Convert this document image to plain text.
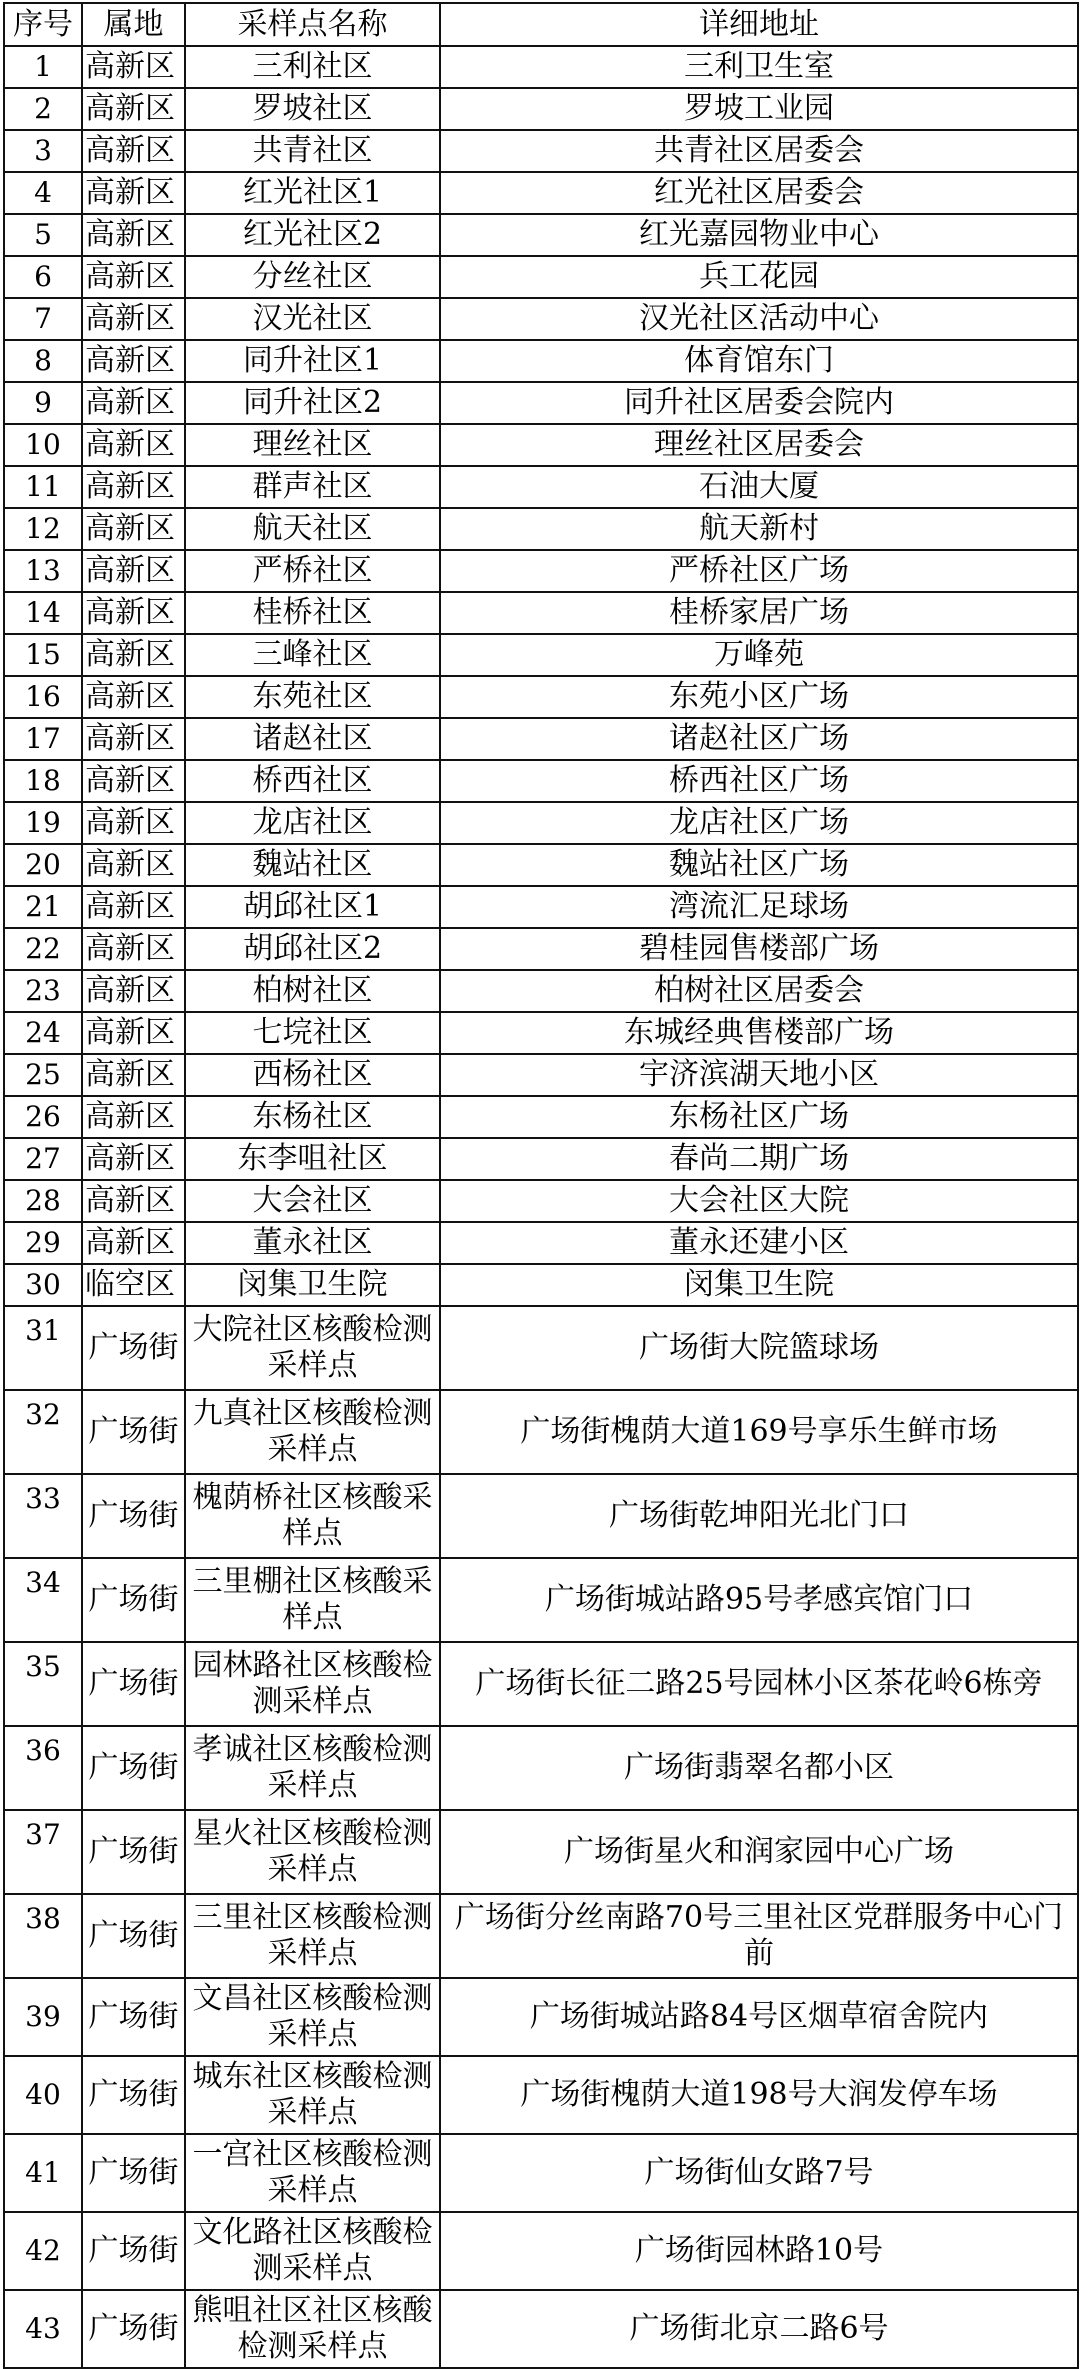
序号	属地	采样点名称	详细地址
1	高新区	三利社区	三利卫生室
2	高新区	罗坡社区	罗坡工业园
3	高新区	共青社区	共青社区居委会
4	高新区	红光社区1	红光社区居委会
5	高新区	红光社区2	红光嘉园物业中心
6	高新区	分丝社区	兵工花园
7	高新区	汉光社区	汉光社区活动中心
8	高新区	同升社区1	体育馆东门
9	高新区	同升社区2	同升社区居委会院内
10	高新区	理丝社区	理丝社区居委会
11	高新区	群声社区	石油大厦
12	高新区	航天社区	航天新村
13	高新区	严桥社区	严桥社区广场
14	高新区	桂桥社区	桂桥家居广场
15	高新区	三峰社区	万峰苑
16	高新区	东苑社区	东苑小区广场
17	高新区	诸赵社区	诸赵社区广场
18	高新区	桥西社区	桥西社区广场
19	高新区	龙店社区	龙店社区广场
20	高新区	魏站社区	魏站社区广场
21	高新区	胡邱社区1	湾流汇足球场
22	高新区	胡邱社区2	碧桂园售楼部广场
23	高新区	柏树社区	柏树社区居委会
24	高新区	七垸社区	东城经典售楼部广场
25	高新区	西杨社区	宇济滨湖天地小区
26	高新区	东杨社区	东杨社区广场
27	高新区	东李咀社区	春尚二期广场
28	高新区	大会社区	大会社区大院
29	高新区	董永社区	董永还建小区
30	临空区	闵集卫生院	闵集卫生院
31	广场街	大院社区核酸检测采样点	广场街大院篮球场
32	广场街	九真社区核酸检测采样点	广场街槐荫大道169号享乐生鲜市场
33	广场街	槐荫桥社区核酸采样点	广场街乾坤阳光北门口
34	广场街	三里棚社区核酸采样点	广场街城站路95号孝感宾馆门口
35	广场街	园林路社区核酸检测采样点	广场街长征二路25号园林小区茶花岭6栋旁
36	广场街	孝诚社区核酸检测采样点	广场街翡翠名都小区
37	广场街	星火社区核酸检测采样点	广场街星火和润家园中心广场
38	广场街	三里社区核酸检测采样点	广场街分丝南路70号三里社区党群服务中心门前
39	广场街	文昌社区核酸检测采样点	广场街城站路84号区烟草宿舍院内
40	广场街	城东社区核酸检测采样点	广场街槐荫大道198号大润发停车场
41	广场街	一宫社区核酸检测采样点	广场街仙女路7号
42	广场街	文化路社区核酸检测采样点	广场街园林路10号
43	广场街	熊咀社区社区核酸检测采样点	广场街北京二路6号
